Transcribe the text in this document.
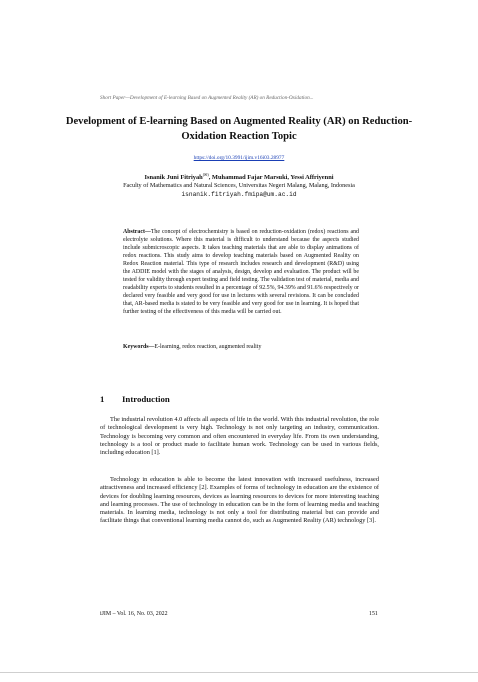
Short Paper—Development of E-learning Based on Augmented Reality (AR) on Reduction-Oxidation...
Development of E-learning Based on Augmented Reality (AR) on Reduction-Oxidation Reaction Topic
https://doi.org/10.3991/ijim.v16i03.28977
Isnanik Juni Fitriyah(✉), Muhammad Fajar Marsuki, Yessi Affriyenni
Faculty of Mathematics and Natural Sciences, Universitas Negeri Malang, Malang, Indonesia
isnanik.fitriyah.fmipa@um.ac.id
Abstract—The concept of electrochemistry is based on reduction-oxidation (redox) reactions and electrolyte solutions. Where this material is difficult to understand because the aspects studied include submicroscopic aspects. It takes teaching materials that are able to display animations of redox reactions. This study aims to develop teaching materials based on Augmented Reality on Redox Reaction material. This type of research includes research and development (R&D) using the ADDIE model with the stages of analysis, design, develop and evaluation. The product will be tested for validity through expert testing and field testing. The validation test of material, media and readability experts to students resulted in a percentage of 92.5%, 94.39% and 91.6% respectively or declared very feasible and very good for use in lectures with several revisions. It can be concluded that, AR-based media is stated to be very feasible and very good for use in learning. It is hoped that further testing of the effectiveness of this media will be carried out.
Keywords—E-learning, redox reaction, augmented reality
1 Introduction
The industrial revolution 4.0 affects all aspects of life in the world. With this industrial revolution, the role of technological development is very high. Technology is not only targeting an industry, communication. Technology is becoming very common and often encountered in everyday life. From its own understanding, technology is a tool or product made to facilitate human work. Technology can be used in various fields, including education [1].
Technology in education is able to become the latest innovation with increased usefulness, increased attractiveness and increased efficiency [2]. Examples of forms of technology in education are the existence of devices for doubling learning resources, devices as learning resources to devices for more interesting teaching and learning processes. The use of technology in education can be in the form of learning media and teaching materials. In learning media, technology is not only a tool for distributing material but can provide and facilitate things that conventional learning media cannot do, such as Augmented Reality (AR) technology [3].
iJIM – Vol. 16, No. 03, 2022	151
